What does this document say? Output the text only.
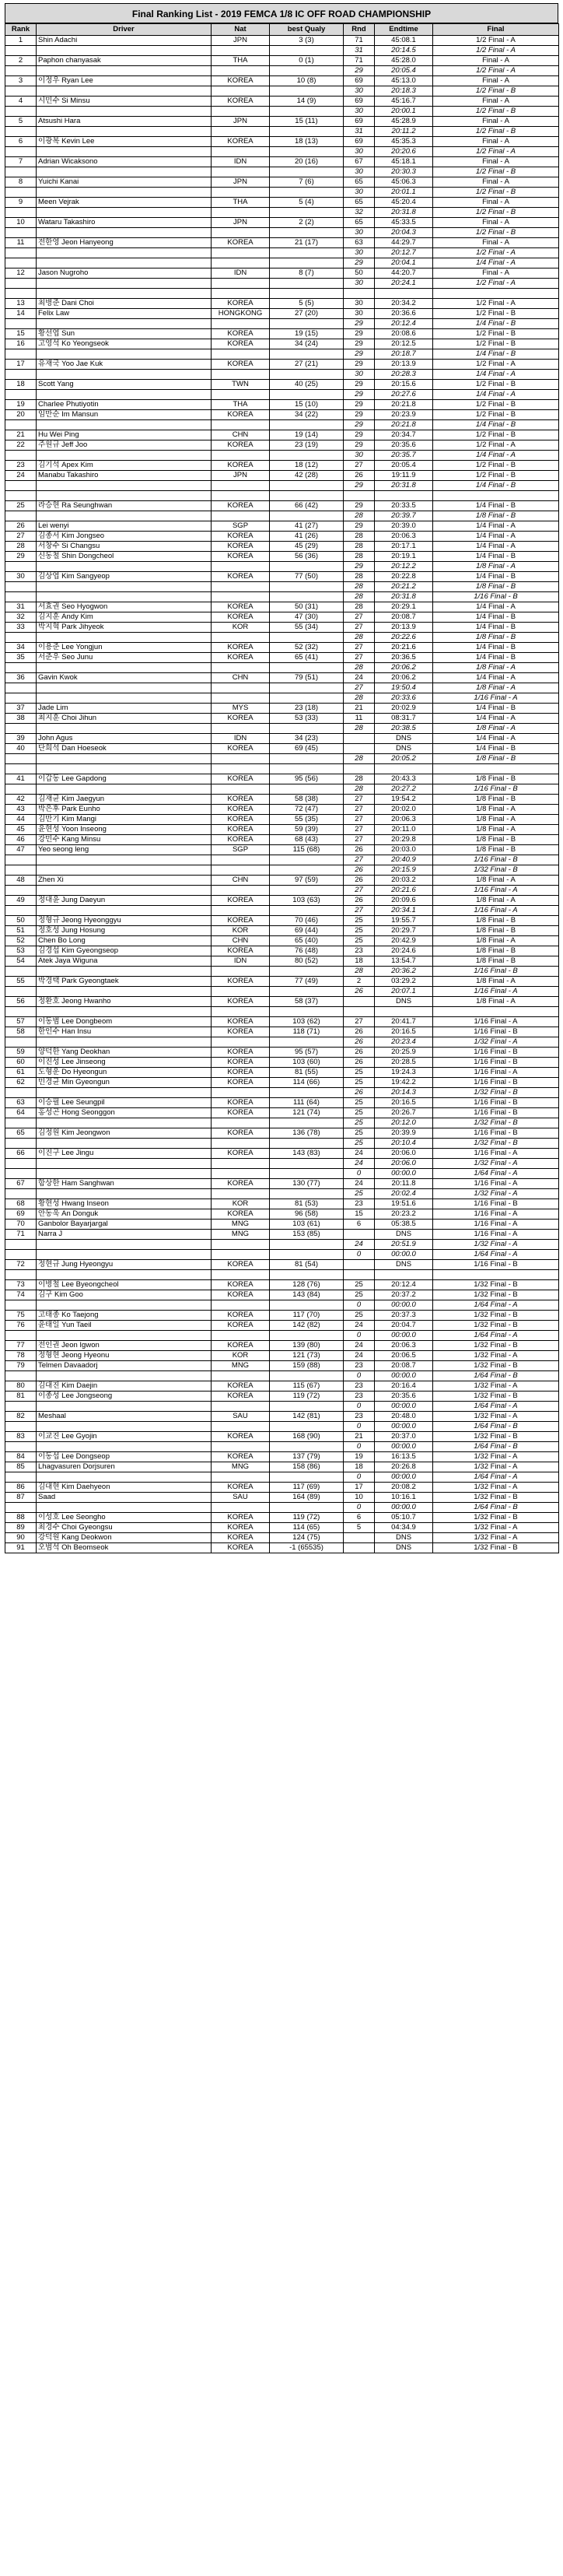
Final Ranking List - 2019 FEMCA 1/8 IC OFF ROAD CHAMPIONSHIP
Rank	Driver	Nat	best Qualy	Rnd	Endtime	Final
1	Shin Adachi	JPN	3 (3)	71	45:08.1	1/2 Final - A
				31	20:14.5	1/2 Final - A
2	Paphon chanyasak	THA	0 (1)	71	45:28.0	Final - A
				29	20:05.4	1/2 Final - A
3	이정우 Ryan Lee	KOREA	10 (8)	69	45:13.0	Final - A
				30	20:18.3	1/2 Final - B
4	시민수 Si Minsu	KOREA	14 (9)	69	45:16.7	Final - A
				30	20:00.1	1/2 Final - B
5	Atsushi Hara	JPN	15 (11)	69	45:28.9	Final - A
				31	20:11.2	1/2 Final - B
6	이광복 Kevin Lee	KOREA	18 (13)	69	45:35.3	Final - A
				30	20:20.6	1/2 Final - A
7	Adrian Wicaksono	IDN	20 (16)	67	45:18.1	Final - A
				30	20:30.3	1/2 Final - B
8	Yuichi Kanai	JPN	7 (6)	65	45:06.3	Final - A
				30	20:01.1	1/2 Final - B
9	Meen Vejrak	THA	5 (4)	65	45:20.4	Final - A
				32	20:31.8	1/2 Final - B
10	Wataru Takashiro	JPN	2 (2)	65	45:33.5	Final - A
				30	20:04.3	1/2 Final - B
11	전한영 Jeon Hanyeong	KOREA	21 (17)	63	44:29.7	Final - A
				30	20:12.7	1/2 Final - A
				29	20:04.1	1/4 Final - A
12	Jason Nugroho	IDN	8 (7)	50	44:20.7	Final - A
				30	20:24.1	1/2 Final - A

13	최병준 Dani Choi	KOREA	5 (5)	30	20:34.2	1/2 Final - A
14	Felix Law	HONGKONG	27 (20)	30	20:36.6	1/2 Final - B
				29	20:12.4	1/4 Final - B
15	황선엽 Sun	KOREA	19 (15)	29	20:08.6	1/2 Final - B
16	고영석 Ko Yeongseok	KOREA	34 (24)	29	20:12.5	1/2 Final - B
				29	20:18.7	1/4 Final - B
17	유재국 Yoo Jae Kuk	KOREA	27 (21)	29	20:13.9	1/2 Final - A
				30	20:28.3	1/4 Final - A
18	Scott Yang	TWN	40 (25)	29	20:15.6	1/2 Final - B
				29	20:27.6	1/4 Final - A
19	Charlee Phutiyotin	THA	15 (10)	29	20:21.8	1/2 Final - B
20	임만순 Im Mansun	KOREA	34 (22)	29	20:23.9	1/2 Final - B
				29	20:21.8	1/4 Final - B
21	Hu Wei Ping	CHN	19 (14)	29	20:34.7	1/2 Final - B
22	주원규 Jeff Joo	KOREA	23 (19)	29	20:35.6	1/2 Final - A
				30	20:35.7	1/4 Final - A
23	김기석 Apex Kim	KOREA	18 (12)	27	20:05.4	1/2 Final - B
24	Manabu Takashiro	JPN	42 (28)	26	19:11.9	1/2 Final - B
				29	20:31.8	1/4 Final - B

25	라승현 Ra Seunghwan	KOREA	66 (42)	29	20:33.5	1/4 Final - B
				28	20:39.7	1/8 Final - B
26	Lei wenyi	SGP	41 (27)	29	20:39.0	1/4 Final - A
27	김종서 Kim Jongseo	KOREA	41 (26)	28	20:06.3	1/4 Final - A
28	서창수 Si Changsu	KOREA	45 (29)	28	20:17.1	1/4 Final - A
29	신동철 Shin Dongcheol	KOREA	56 (36)	28	20:19.1	1/4 Final - B
				29	20:12.2	1/8 Final - A
30	김상엽 Kim Sangyeop	KOREA	77 (50)	28	20:22.8	1/4 Final - B
				28	20:21.2	1/8 Final - B
				28	20:31.8	1/16 Final - B
31	서효권 Seo Hyogwon	KOREA	50 (31)	28	20:29.1	1/4 Final - A
32	김지훈 Andy Kim	KOREA	47 (30)	27	20:08.7	1/4 Final - B
33	박지혁 Park Jihyeok	KOR	55 (34)	27	20:13.9	1/4 Final - B
				28	20:22.6	1/8 Final - B
34	이용준 Lee Yongjun	KOREA	52 (32)	27	20:21.6	1/4 Final - B
35	서준우 Seo Junu	KOREA	65 (41)	27	20:36.5	1/4 Final - B
				28	20:06.2	1/8 Final - A
36	Gavin Kwok	CHN	79 (51)	24	20:06.2	1/4 Final - A
				27	19:50.4	1/8 Final - A
				28	20:33.6	1/16 Final - A
37	Jade Lim	MYS	23 (18)	21	20:02.9	1/4 Final - B
38	최지훈 Choi Jihun	KOREA	53 (33)	11	08:31.7	1/4 Final - A
				28	20:38.5	1/8 Final - A
39	John Agus	IDN	34 (23)		DNS	1/4 Final - A
40	단희석 Dan Hoeseok	KOREA	69 (45)		DNS	1/4 Final - B
				28	20:05.2	1/8 Final - B

41	이갑동 Lee Gapdong	KOREA	95 (56)	28	20:43.3	1/8 Final - B
				28	20:27.2	1/16 Final - B
42	김재균 Kim Jaegyun	KOREA	58 (38)	27	19:54.2	1/8 Final - B
43	박은후 Park Eunho	KOREA	72 (47)	27	20:02.0	1/8 Final - A
44	김만기 Kim Mangi	KOREA	55 (35)	27	20:06.3	1/8 Final - A
45	윤현성 Yoon Inseong	KOREA	59 (39)	27	20:11.0	1/8 Final - A
46	강민수 Kang Minsu	KOREA	68 (43)	27	20:29.8	1/8 Final - B
47	Yeo seong leng	SGP	115 (68)	26	20:03.0	1/8 Final - B
				27	20:40.9	1/16 Final - B
				26	20:15.9	1/32 Final - B
48	Zhen Xi	CHN	97 (59)	26	20:03.2	1/8 Final - A
				27	20:21.6	1/16 Final - A
49	정대윤 Jung Daeyun	KOREA	103 (63)	26	20:09.6	1/8 Final - A
				27	20:34.1	1/16 Final - A
50	정형규 Jeong Hyeonggyu	KOREA	70 (46)	25	19:55.7	1/8 Final - B
51	정호성 Jung Hosung	KOR	69 (44)	25	20:29.7	1/8 Final - B
52	Chen Bo Long	CHN	65 (40)	25	20:42.9	1/8 Final - A
53	김경섭 Kim Gyeongseop	KOREA	76 (48)	23	20:24.6	1/8 Final - B
54	Atek Jaya Wiguna	IDN	80 (52)	18	13:54.7	1/8 Final - B
				28	20:36.2	1/16 Final - B
55	박경택 Park Gyeongtaek	KOREA	77 (49)	2	03:29.2	1/8 Final - A
				26	20:07.1	1/16 Final - A
56	정환호 Jeong Hwanho	KOREA	58 (37)		DNS	1/8 Final - A

57	이동범 Lee Dongbeom	KOREA	103 (62)	27	20:41.7	1/16 Final - A
58	한인수 Han Insu	KOREA	118 (71)	26	20:16.5	1/16 Final - B
				26	20:23.4	1/32 Final - A
59	양덕한 Yang Deokhan	KOREA	95 (57)	26	20:25.9	1/16 Final - B
60	이진성 Lee Jinseong	KOREA	103 (60)	26	20:28.5	1/16 Final - B
61	도형운 Do Hyeongun	KOREA	81 (55)	25	19:24.3	1/16 Final - A
62	민경균 Min Gyeongun	KOREA	114 (66)	25	19:42.2	1/16 Final - B
				26	20:14.3	1/32 Final - B
63	이승필 Lee Seungpil	KOREA	111 (64)	25	20:16.5	1/16 Final - B
64	홍성곤 Hong Seonggon	KOREA	121 (74)	25	20:26.7	1/16 Final - B
				25	20:12.0	1/32 Final - B
65	김정원 Kim Jeongwon	KOREA	136 (78)	25	20:39.9	1/16 Final - B
				25	20:10.4	1/32 Final - B
66	이진구 Lee Jingu	KOREA	143 (83)	24	20:06.0	1/16 Final - A
				24	20:06.0	1/32 Final - A
				0	00:00.0	1/64 Final - A
67	함상한 Ham Sanghwan	KOREA	130 (77)	24	20:11.8	1/16 Final - A
				25	20:02.4	1/32 Final - A
68	황현성 Hwang Inseon	KOR	81 (53)	23	19:51.6	1/16 Final - B
69	안동욱 An Donguk	KOREA	96 (58)	15	20:23.2	1/16 Final - A
70	Ganbolor Bayarjargal	MNG	103 (61)	6	05:38.5	1/16 Final - A
71	Narra J	MNG	153 (85)		DNS	1/16 Final - A
				24	20:51.9	1/32 Final - A
				0	00:00.0	1/64 Final - A
72	정현규 Jung Hyeongyu	KOREA	81 (54)		DNS	1/16 Final - B

73	이병철 Lee Byeongcheol	KOREA	128 (76)	25	20:12.4	1/32 Final - B
74	김구 Kim Goo	KOREA	143 (84)	25	20:37.2	1/32 Final - B
				0	00:00.0	1/64 Final - A
75	고태종 Ko Taejong	KOREA	117 (70)	25	20:37.3	1/32 Final - B
76	윤태일 Yun Taeil	KOREA	142 (82)	24	20:04.7	1/32 Final - B
				0	00:00.0	1/64 Final - A
77	전인권 Jeon Igwon	KOREA	139 (80)	24	20:06.3	1/32 Final - B
78	정형현 Jeong Hyeonu	KOR	121 (73)	24	20:06.5	1/32 Final - A
79	Telmen Davaadorj	MNG	159 (88)	23	20:08.7	1/32 Final - B
				0	00:00.0	1/64 Final - B
80	김대진 Kim Daejin	KOREA	115 (67)	23	20:16.4	1/32 Final - A
81	이종성 Lee Jongseong	KOREA	119 (72)	23	20:35.6	1/32 Final - B
				0	00:00.0	1/64 Final - A
82	Meshaal	SAU	142 (81)	23	20:48.0	1/32 Final - A
				0	00:00.0	1/64 Final - B
83	이교진 Lee Gyojin	KOREA	168 (90)	21	20:37.0	1/32 Final - B
				0	00:00.0	1/64 Final - B
84	이동섭 Lee Dongseop	KOREA	137 (79)	19	16:13.5	1/32 Final - A
85	Lhagvasuren Dorjsuren	MNG	158 (86)	18	20:26.8	1/32 Final - A
				0	00:00.0	1/64 Final - A
86	김대현 Kim Daehyeon	KOREA	117 (69)	17	20:08.2	1/32 Final - A
87	Saad	SAU	164 (89)	10	10:16.1	1/32 Final - B
				0	00:00.0	1/64 Final - B
88	이성호 Lee Seongho	KOREA	119 (72)	6	05:10.7	1/32 Final - B
89	최경수 Choi Gyeongsu	KOREA	114 (65)	5	04:34.9	1/32 Final - A
90	강덕원 Kang Deokwon	KOREA	124 (75)		DNS	1/32 Final - A
91	오범석 Oh Beomseok	KOREA	-1 (65535)		DNS	1/32 Final - B
